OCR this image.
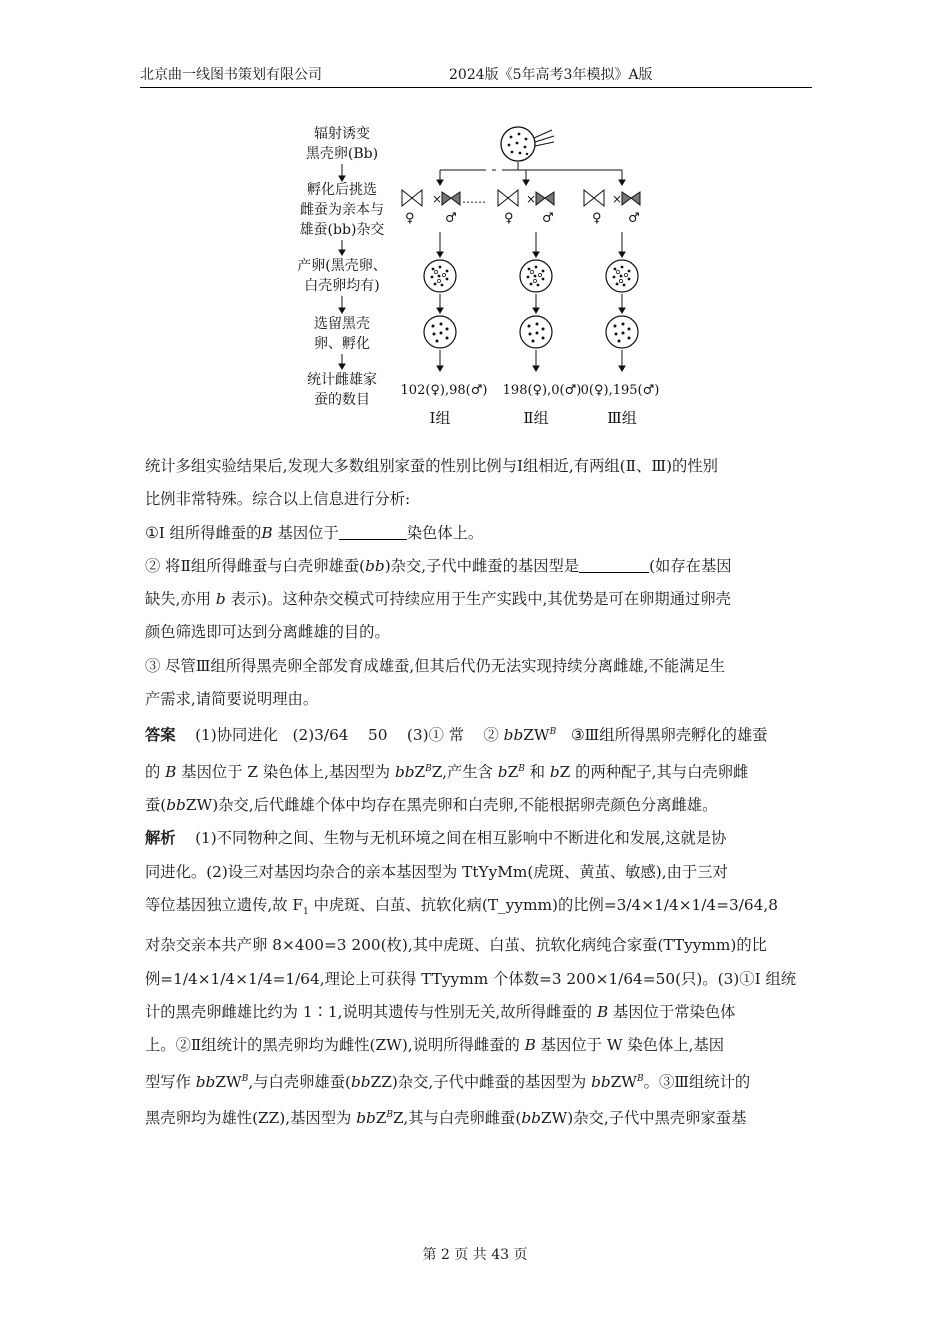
北京曲一线图书策划有限公司	2024版《5年高考3年模拟》A版
辐射诱变
黑壳卵(Bb)
孵化后挑选
雌蚕为亲本与
雄蚕(bb)杂交
产卵(黑壳卵、
白壳卵均有)
选留黑壳
卵、孵化
统计雌雄家
蚕的数目
×
♀ ♂
……	×
♀ ♂
×
♀ ♂
102(♀),98(♂) 198(♀),0(♂) 0(♀),195(♂)
Ⅰ组	Ⅱ组	Ⅲ组
统计多组实验结果后,发现大多数组别家蚕的性别比例与Ⅰ组相近,有两组(Ⅱ、Ⅲ)的性别
比例非常特殊。综合以上信息进行分析:
①Ⅰ 组所得雌蚕的B 基因位于	染色体上。
② 将Ⅱ组所得雌蚕与白壳卵雄蚕(bb)杂交,子代中雌蚕的基因型是	(如存在基因
缺失,亦用 b 表示)。这种杂交模式可持续应用于生产实践中,其优势是可在卵期通过卵壳
颜色筛选即可达到分离雌雄的目的。
③ 尽管Ⅲ组所得黑壳卵全部发育成雄蚕,但其后代仍无法实现持续分离雌雄,不能满足生
产需求,请简要说明理由。
答案 (1)协同进化 (2)3/64 50 (3)① 常 ② bbZW$^B$ ③Ⅲ组所得黑卵壳孵化的雄蚕
的 B 基因位于 Z 染色体上,基因型为 bbZ$^B$Z,产生含 $bZ^B$ 和 bZ 的两种配子,其与白壳卵雌
蚕(bbZW)杂交,后代雌雄个体中均存在黑壳卵和白壳卵,不能根据卵壳颜色分离雌雄。
解析 (1)不同物种之间、生物与无机环境之间在相互影响中不断进化和发展,这就是协
同进化。(2)设三对基因均杂合的亲本基因型为 TtYyMm(虎斑、黄茧、敏感),由于三对
等位基因独立遗传,故 $F_1$ 中虎斑、白茧、抗软化病(T_yymm)的比例=3/4×1/4×1/4=3/64,8
对杂交亲本共产卵 8×400=3 200(枚),其中虎斑、白茧、抗软化病纯合家蚕(TTyymm)的比
例=1/4×1/4×1/4=1/64,理论上可获得 TTyymm 个体数=3 200×1/64=50(只)。(3)①Ⅰ 组统
计的黑壳卵雌雄比约为 1∶1,说明其遗传与性别无关,故所得雌蚕的 B 基因位于常染色体
上。②Ⅱ组统计的黑壳卵均为雌性(ZW),说明所得雌蚕的 B 基因位于 W 染色体上,基因
型写作 bbZW$^B$,与白壳卵雄蚕(bbZZ)杂交,子代中雌蚕的基因型为 bbZW$^B$。③Ⅲ组统计的
黑壳卵均为雄性(ZZ),基因型为 bbZ$^B$Z,其与白壳卵雌蚕(bbZW)杂交,子代中黑壳卵家蚕基
第 2 页 共 43 页
